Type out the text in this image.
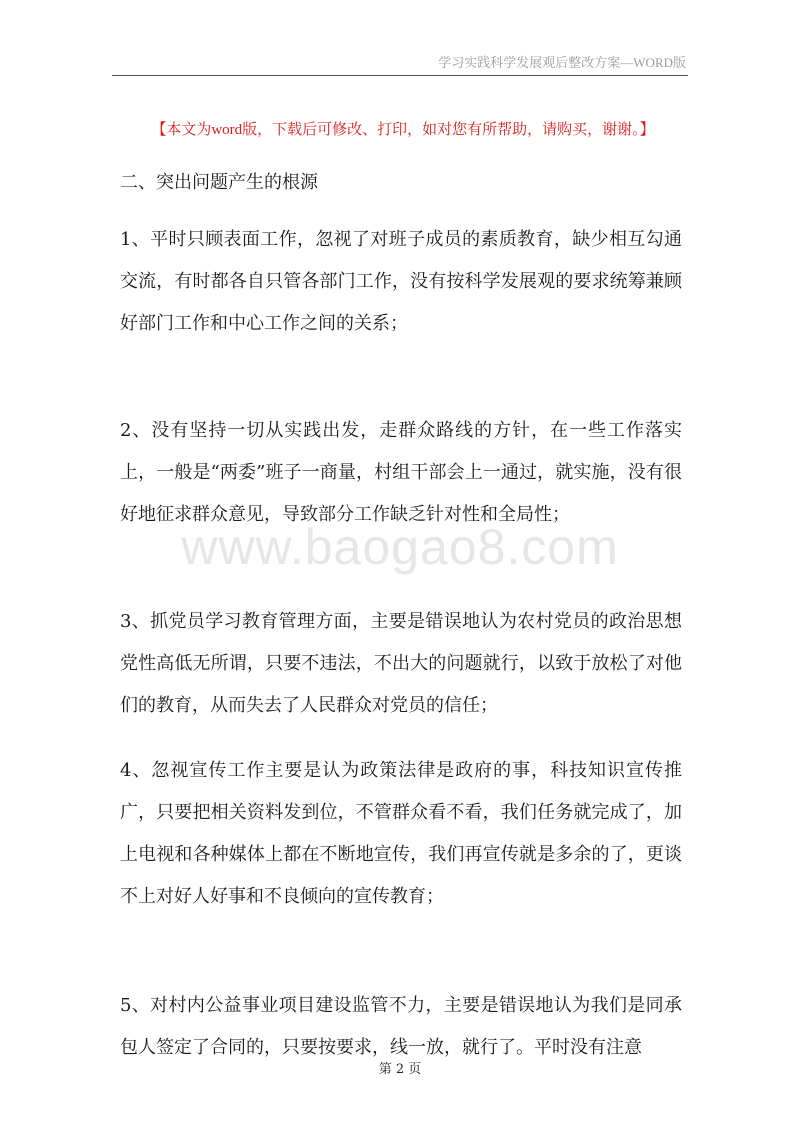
学习实践科学发展观后整改方案—WORD版
【本文为word版，下载后可修改、打印，如对您有所帮助，请购买，谢谢。】
www.baogao8.com
二、突出问题产生的根源
1、平时只顾表面工作，忽视了对班子成员的素质教育，缺少相互勾通交流，有时都各自只管各部门工作，没有按科学发展观的要求统筹兼顾好部门工作和中心工作之间的关系；
2、没有坚持一切从实践出发，走群众路线的方针，在一些工作落实上，一般是“两委”班子一商量，村组干部会上一通过，就实施，没有很好地征求群众意见，导致部分工作缺乏针对性和全局性；
3、抓党员学习教育管理方面，主要是错误地认为农村党员的政治思想党性高低无所谓，只要不违法，不出大的问题就行，以致于放松了对他们的教育，从而失去了人民群众对党员的信任；
4、忽视宣传工作主要是认为政策法律是政府的事，科技知识宣传推广，只要把相关资料发到位，不管群众看不看，我们任务就完成了，加上电视和各种媒体上都在不断地宣传，我们再宣传就是多余的了，更谈不上对好人好事和不良倾向的宣传教育；
5、对村内公益事业项目建设监管不力，主要是错误地认为我们是同承包人签定了合同的，只要按要求，线一放，就行了。平时没有注意
第 2 页
